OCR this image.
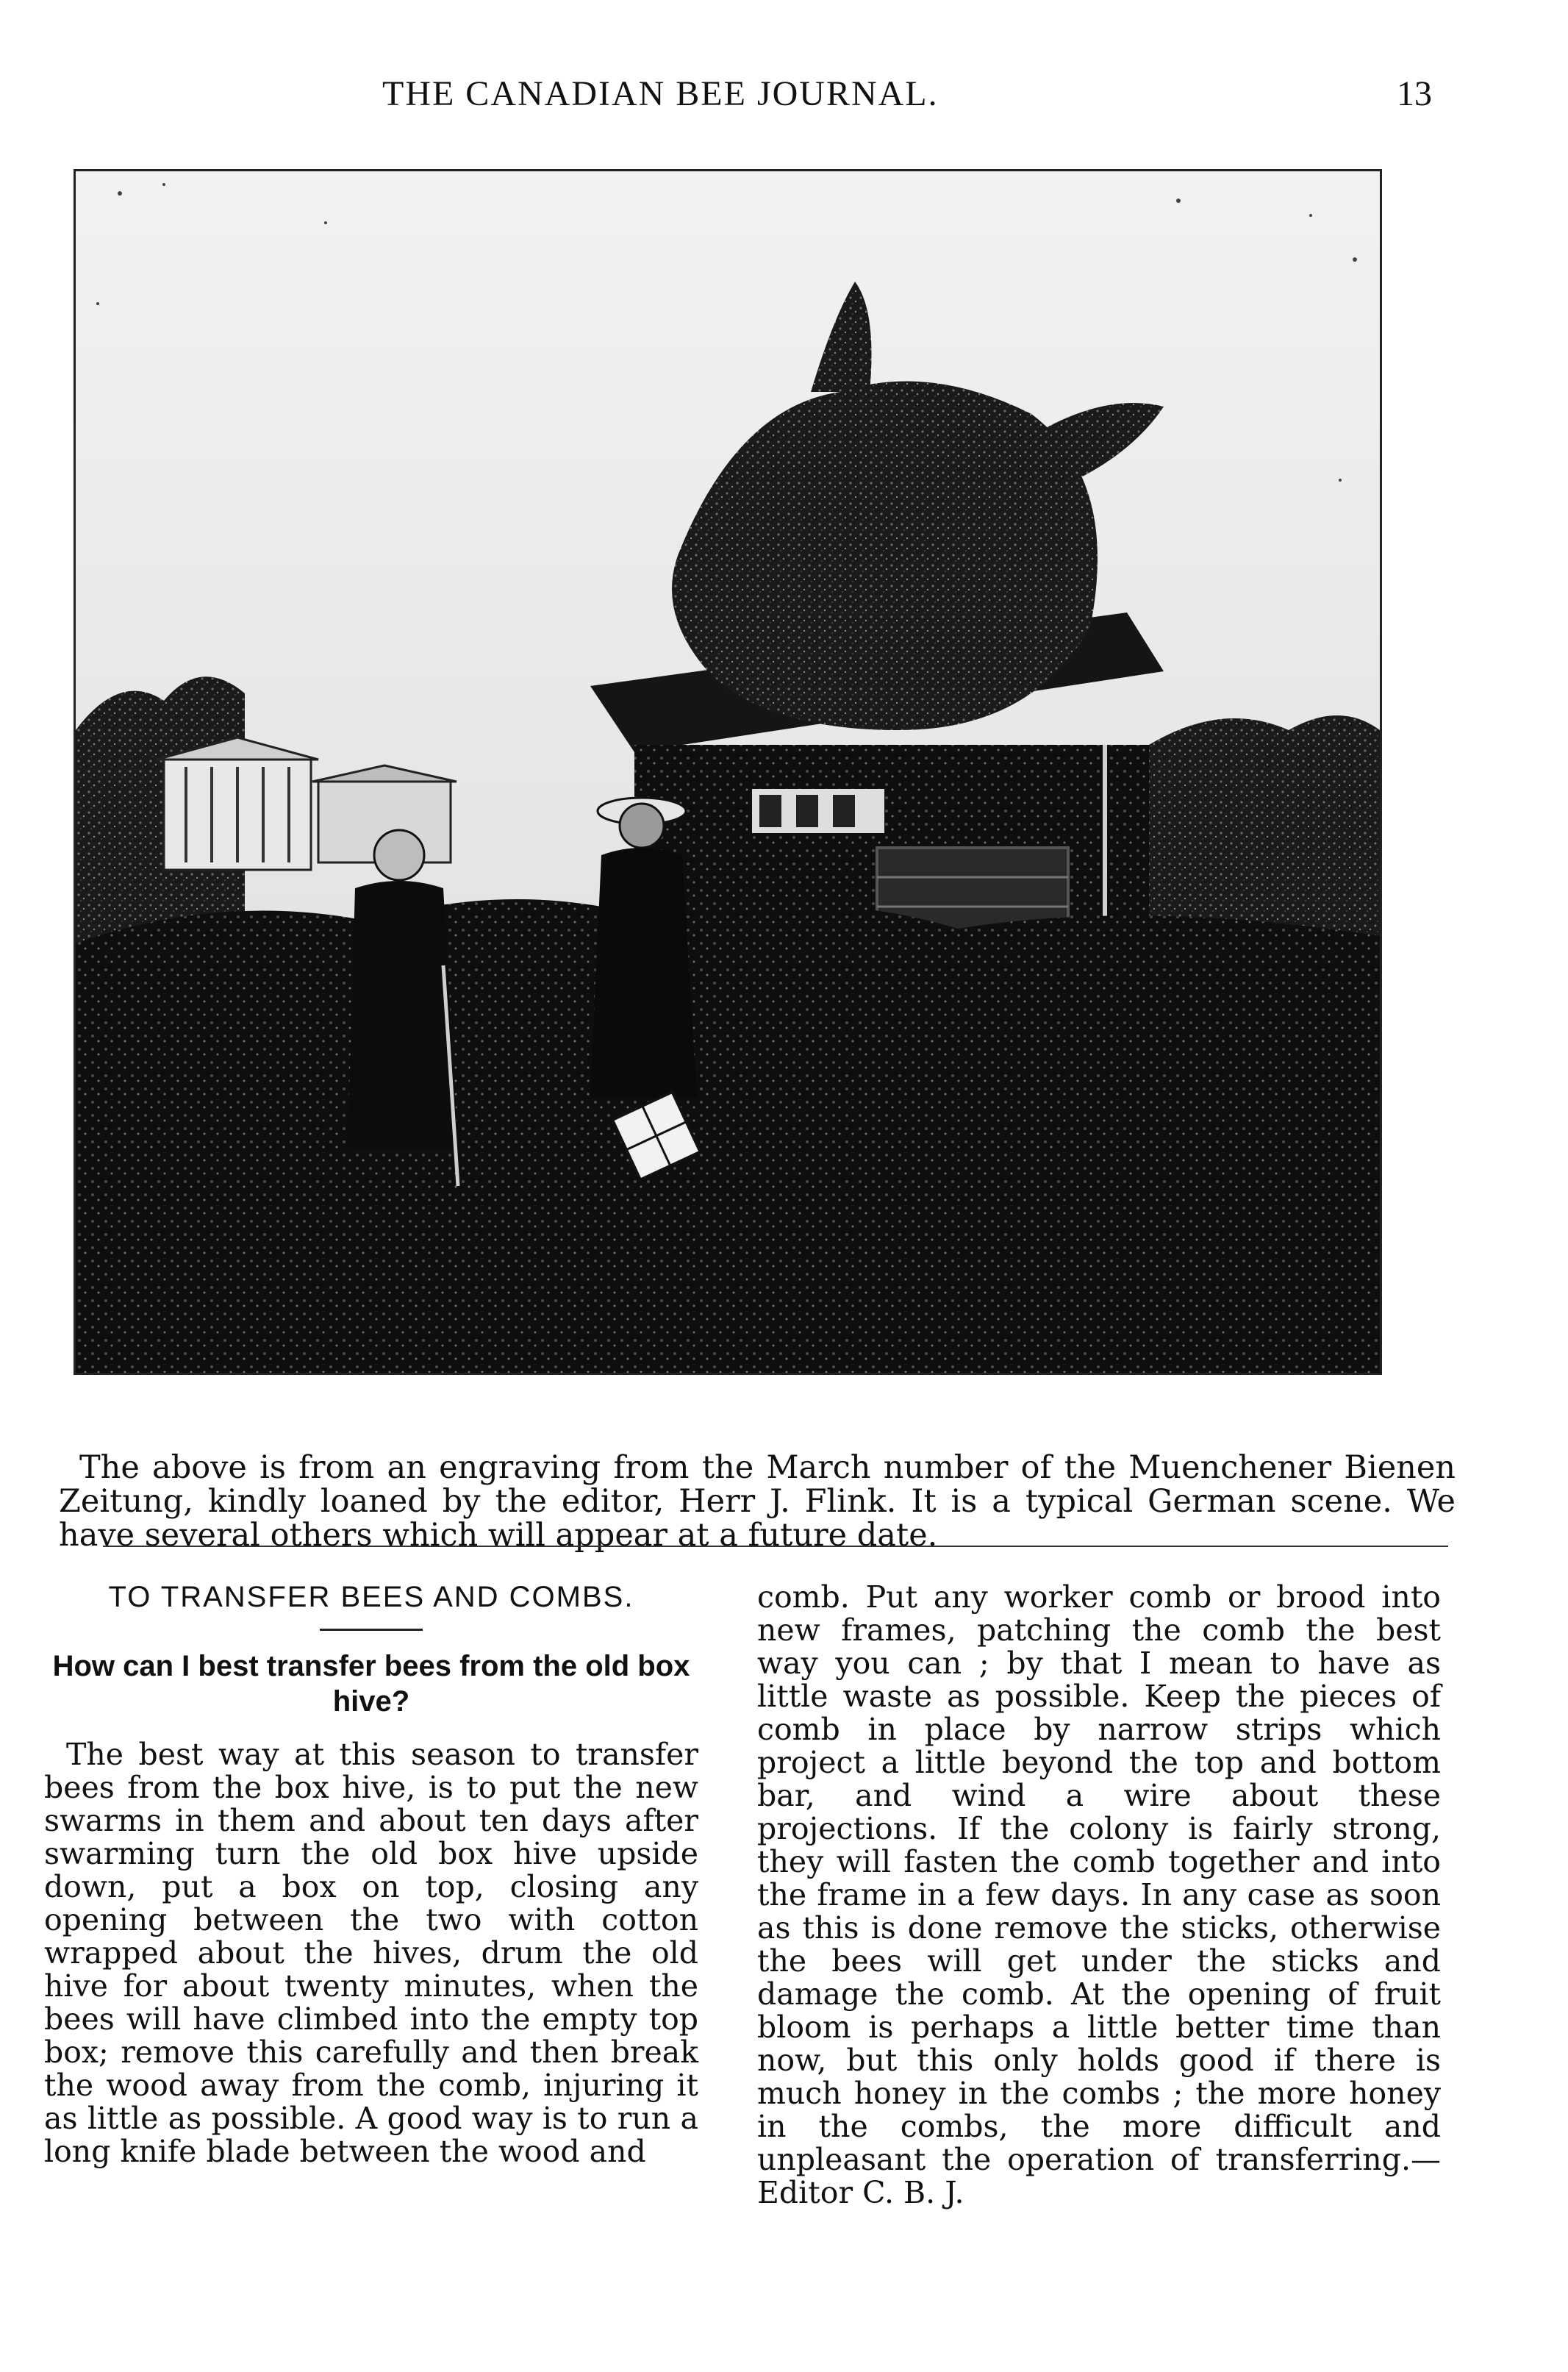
THE CANADIAN BEE JOURNAL.	13

The above is from an engraving from the March number of the Muenchener Bienen Zeitung, kindly loaned by the editor, Herr J. Flink. It is a typical German scene. We have several others which will appear at a future date.

TO TRANSFER BEES AND COMBS.

How can I best transfer bees from the old box hive?

The best way at this season to transfer bees from the box hive, is to put the new swarms in them and about ten days after swarming turn the old box hive upside down, put a box on top, closing any opening between the two with cotton wrapped about the hives, drum the old hive for about twenty minutes, when the bees will have climbed into the empty top box; remove this carefully and then break the wood away from the comb, injuring it as little as possible. A good way is to run a long knife blade between the wood and

comb. Put any worker comb or brood into new frames, patching the comb the best way you can ; by that I mean to have as little waste as possible. Keep the pieces of comb in place by narrow strips which project a little beyond the top and bottom bar, and wind a wire about these projections. If the colony is fairly strong, they will fasten the comb together and into the frame in a few days. In any case as soon as this is done remove the sticks, otherwise the bees will get under the sticks and damage the comb. At the opening of fruit bloom is perhaps a little better time than now, but this only holds good if there is much honey in the combs ; the more honey in the combs, the more difficult and unpleasant the operation of transferring.—Editor C. B. J.
